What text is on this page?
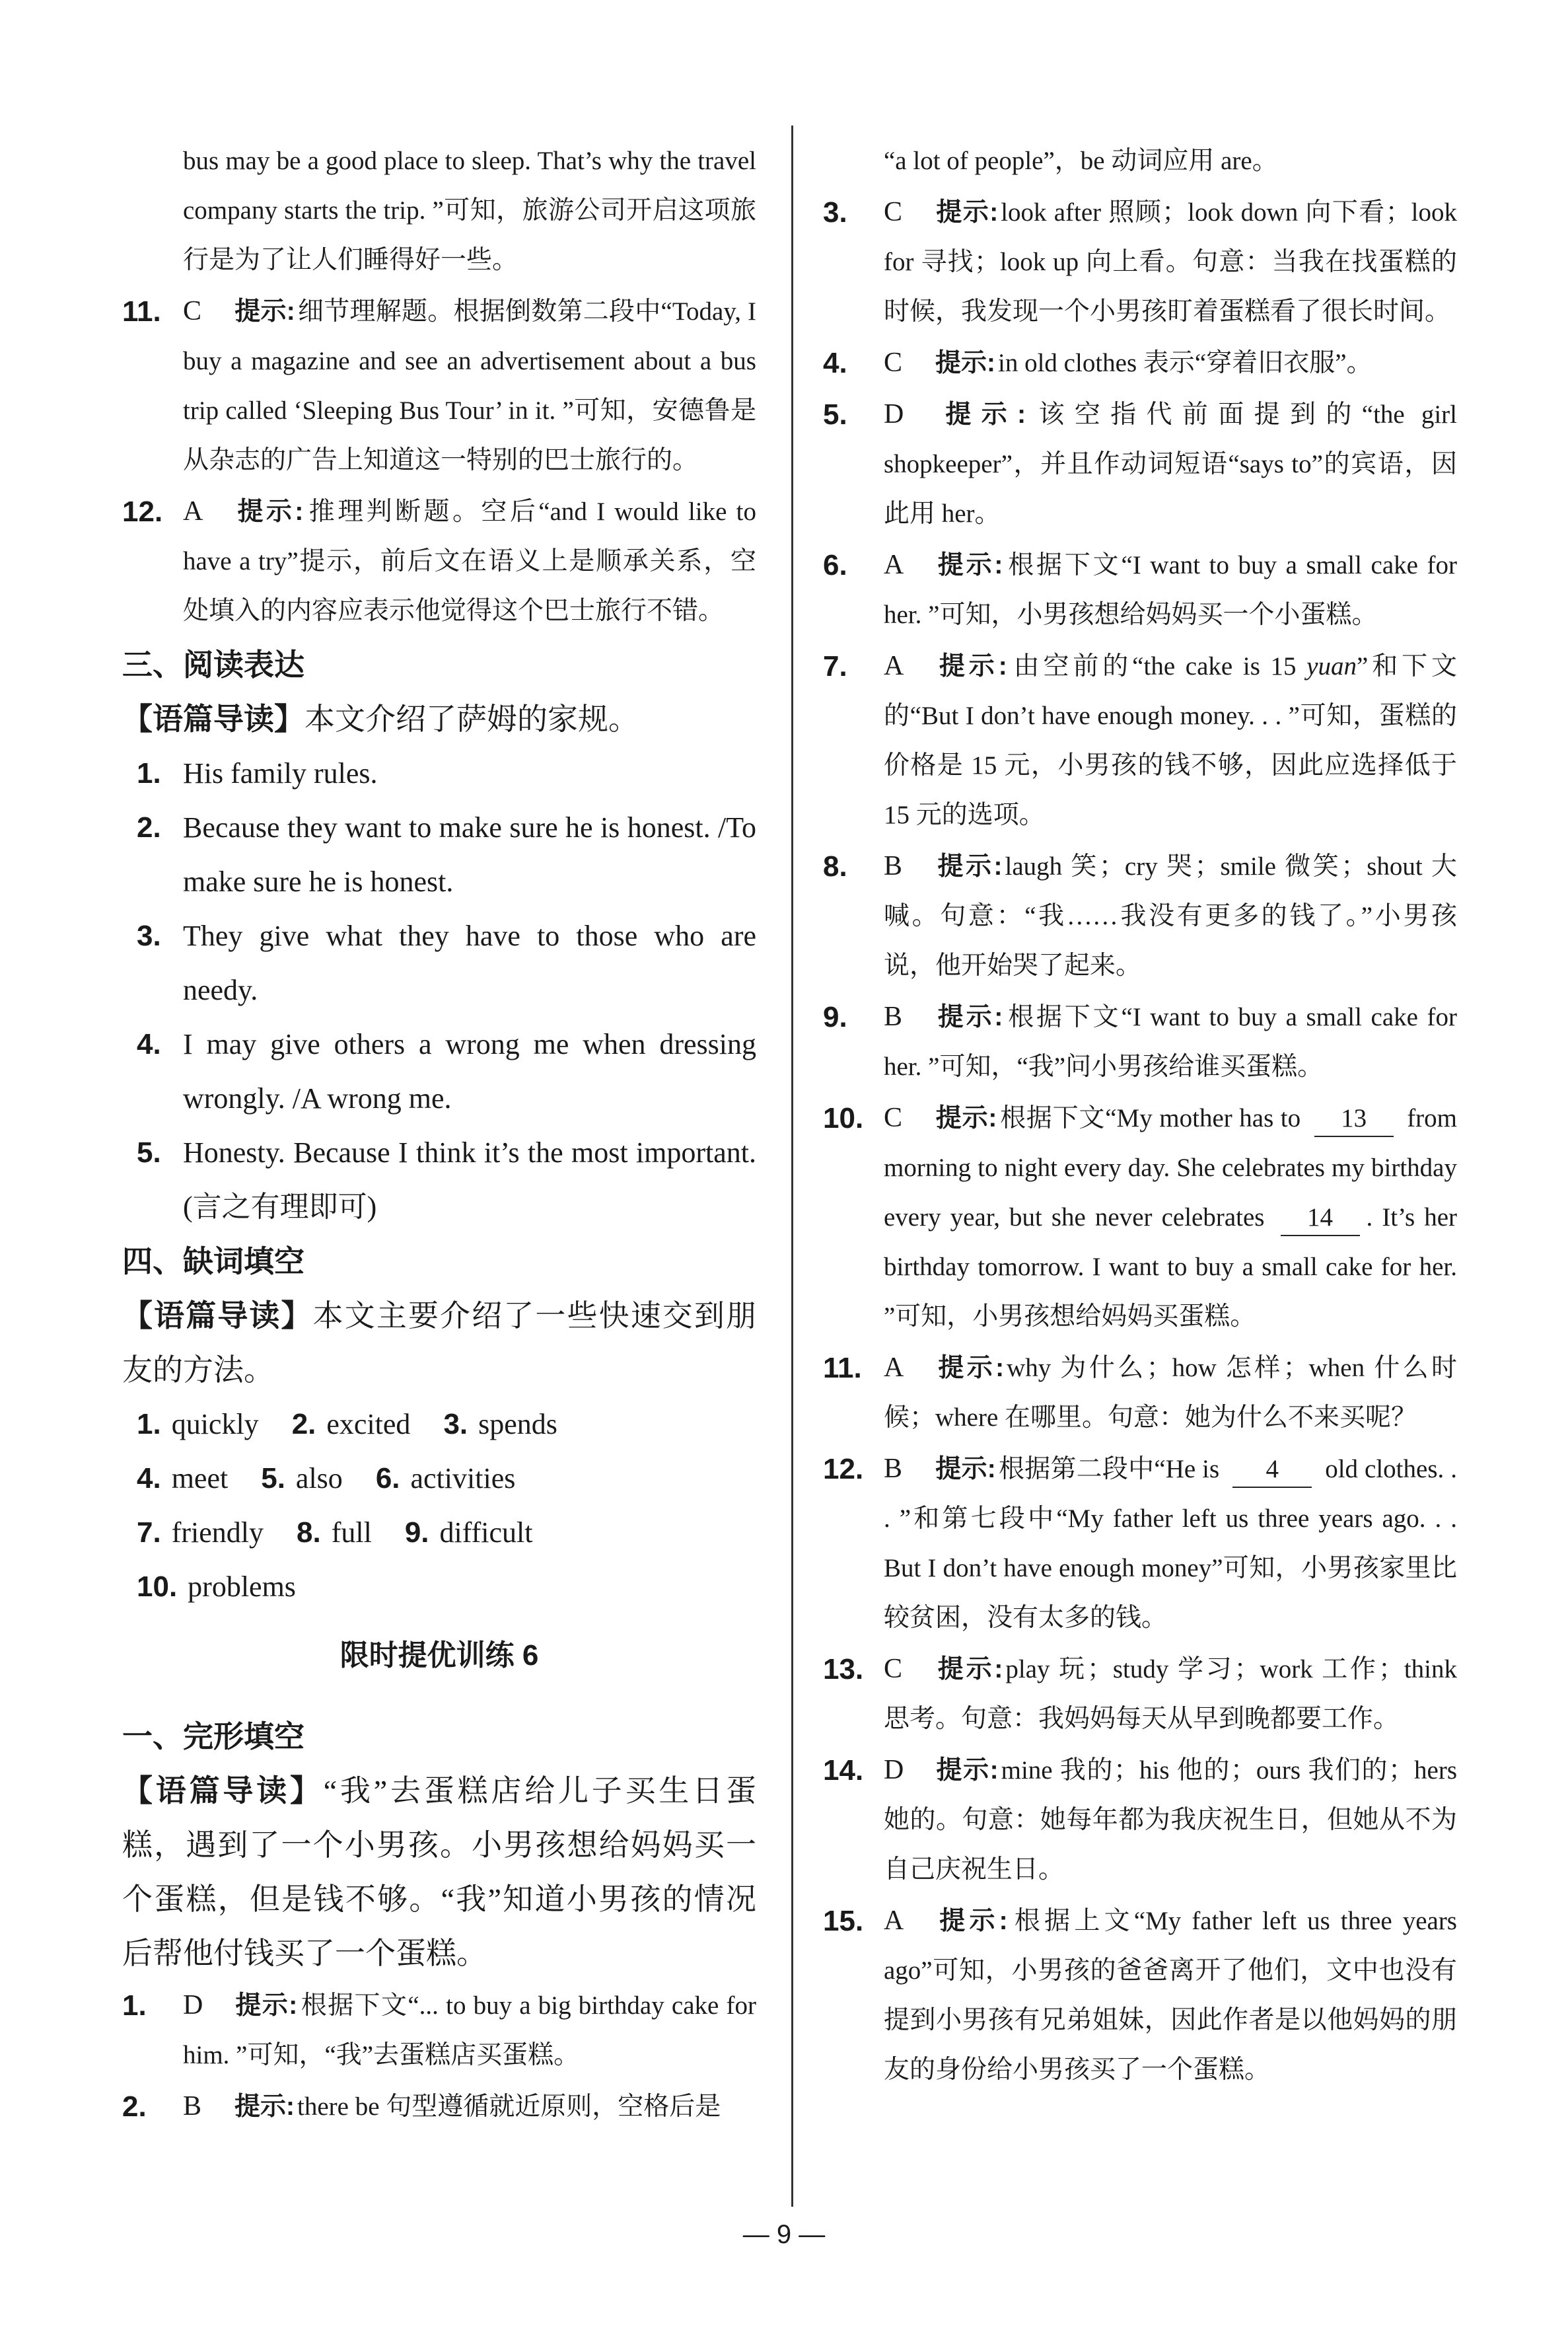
bus may be a good place to sleep. That’s why the travel company starts the trip. ”可知，旅游公司开启这项旅行是为了让人们睡得好一些。
11. C 提示: 细节理解题。根据倒数第二段中“Today, I buy a magazine and see an advertisement about a bus trip called ‘Sleeping Bus Tour’ in it. ”可知，安德鲁是从杂志的广告上知道这一特别的巴士旅行的。
12. A 提示: 推理判断题。空后“and I would like to have a try”提示，前后文在语义上是顺承关系，空处填入的内容应表示他觉得这个巴士旅行不错。
三、阅读表达
【语篇导读】本文介绍了萨姆的家规。
1. His family rules.
2. Because they want to make sure he is honest. /To make sure he is honest.
3. They give what they have to those who are needy.
4. I may give others a wrong me when dressing wrongly. /A wrong me.
5. Honesty. Because I think it’s the most important. (言之有理即可)
四、缺词填空
【语篇导读】本文主要介绍了一些快速交到朋友的方法。
1. quickly 2. excited 3. spends
4. meet 5. also 6. activities
7. friendly 8. full 9. difficult
10. problems
限时提优训练 6
一、完形填空
【语篇导读】“我”去蛋糕店给儿子买生日蛋糕，遇到了一个小男孩。小男孩想给妈妈买一个蛋糕，但是钱不够。“我”知道小男孩的情况后帮他付钱买了一个蛋糕。
1. D 提示: 根据下文“... to buy a big birthday cake for him. ”可知，“我”去蛋糕店买蛋糕。
2. B 提示: there be 句型遵循就近原则，空格后是
“a lot of people”，be 动词应用 are。
3. C 提示: look after 照顾；look down 向下看；look for 寻找；look up 向上看。句意：当我在找蛋糕的时候，我发现一个小男孩盯着蛋糕看了很长时间。
4. C 提示: in old clothes 表示“穿着旧衣服”。
5. D 提示: 该空指代前面提到的“the girl shopkeeper”，并且作动词短语“says to”的宾语，因此用 her。
6. A 提示: 根据下文“I want to buy a small cake for her. ”可知，小男孩想给妈妈买一个小蛋糕。
7. A 提示: 由空前的“the cake is 15 yuan”和下文的“But I don’t have enough money. . . ”可知，蛋糕的价格是 15 元，小男孩的钱不够，因此应选择低于 15 元的选项。
8. B 提示: laugh 笑；cry 哭；smile 微笑；shout 大喊。句意：“我……我没有更多的钱了。”小男孩说，他开始哭了起来。
9. B 提示: 根据下文“I want to buy a small cake for her. ”可知，“我”问小男孩给谁买蛋糕。
10. C 提示: 根据下文“My mother has to 13 from morning to night every day. She celebrates my birthday every year, but she never celebrates 14 . It’s her birthday tomorrow. I want to buy a small cake for her. ”可知，小男孩想给妈妈买蛋糕。
11. A 提示: why 为什么；how 怎样；when 什么时候；where 在哪里。句意：她为什么不来买呢？
12. B 提示: 根据第二段中“He is 4 old clothes. . . ”和第七段中“My father left us three years ago. . . But I don’t have enough money”可知，小男孩家里比较贫困，没有太多的钱。
13. C 提示: play 玩；study 学习；work 工作；think 思考。句意：我妈妈每天从早到晚都要工作。
14. D 提示: mine 我的；his 他的；ours 我们的；hers 她的。句意：她每年都为我庆祝生日，但她从不为自己庆祝生日。
15. A 提示: 根据上文“My father left us three years ago”可知，小男孩的爸爸离开了他们，文中也没有提到小男孩有兄弟姐妹，因此作者是以他妈妈的朋友的身份给小男孩买了一个蛋糕。
— 9 —
